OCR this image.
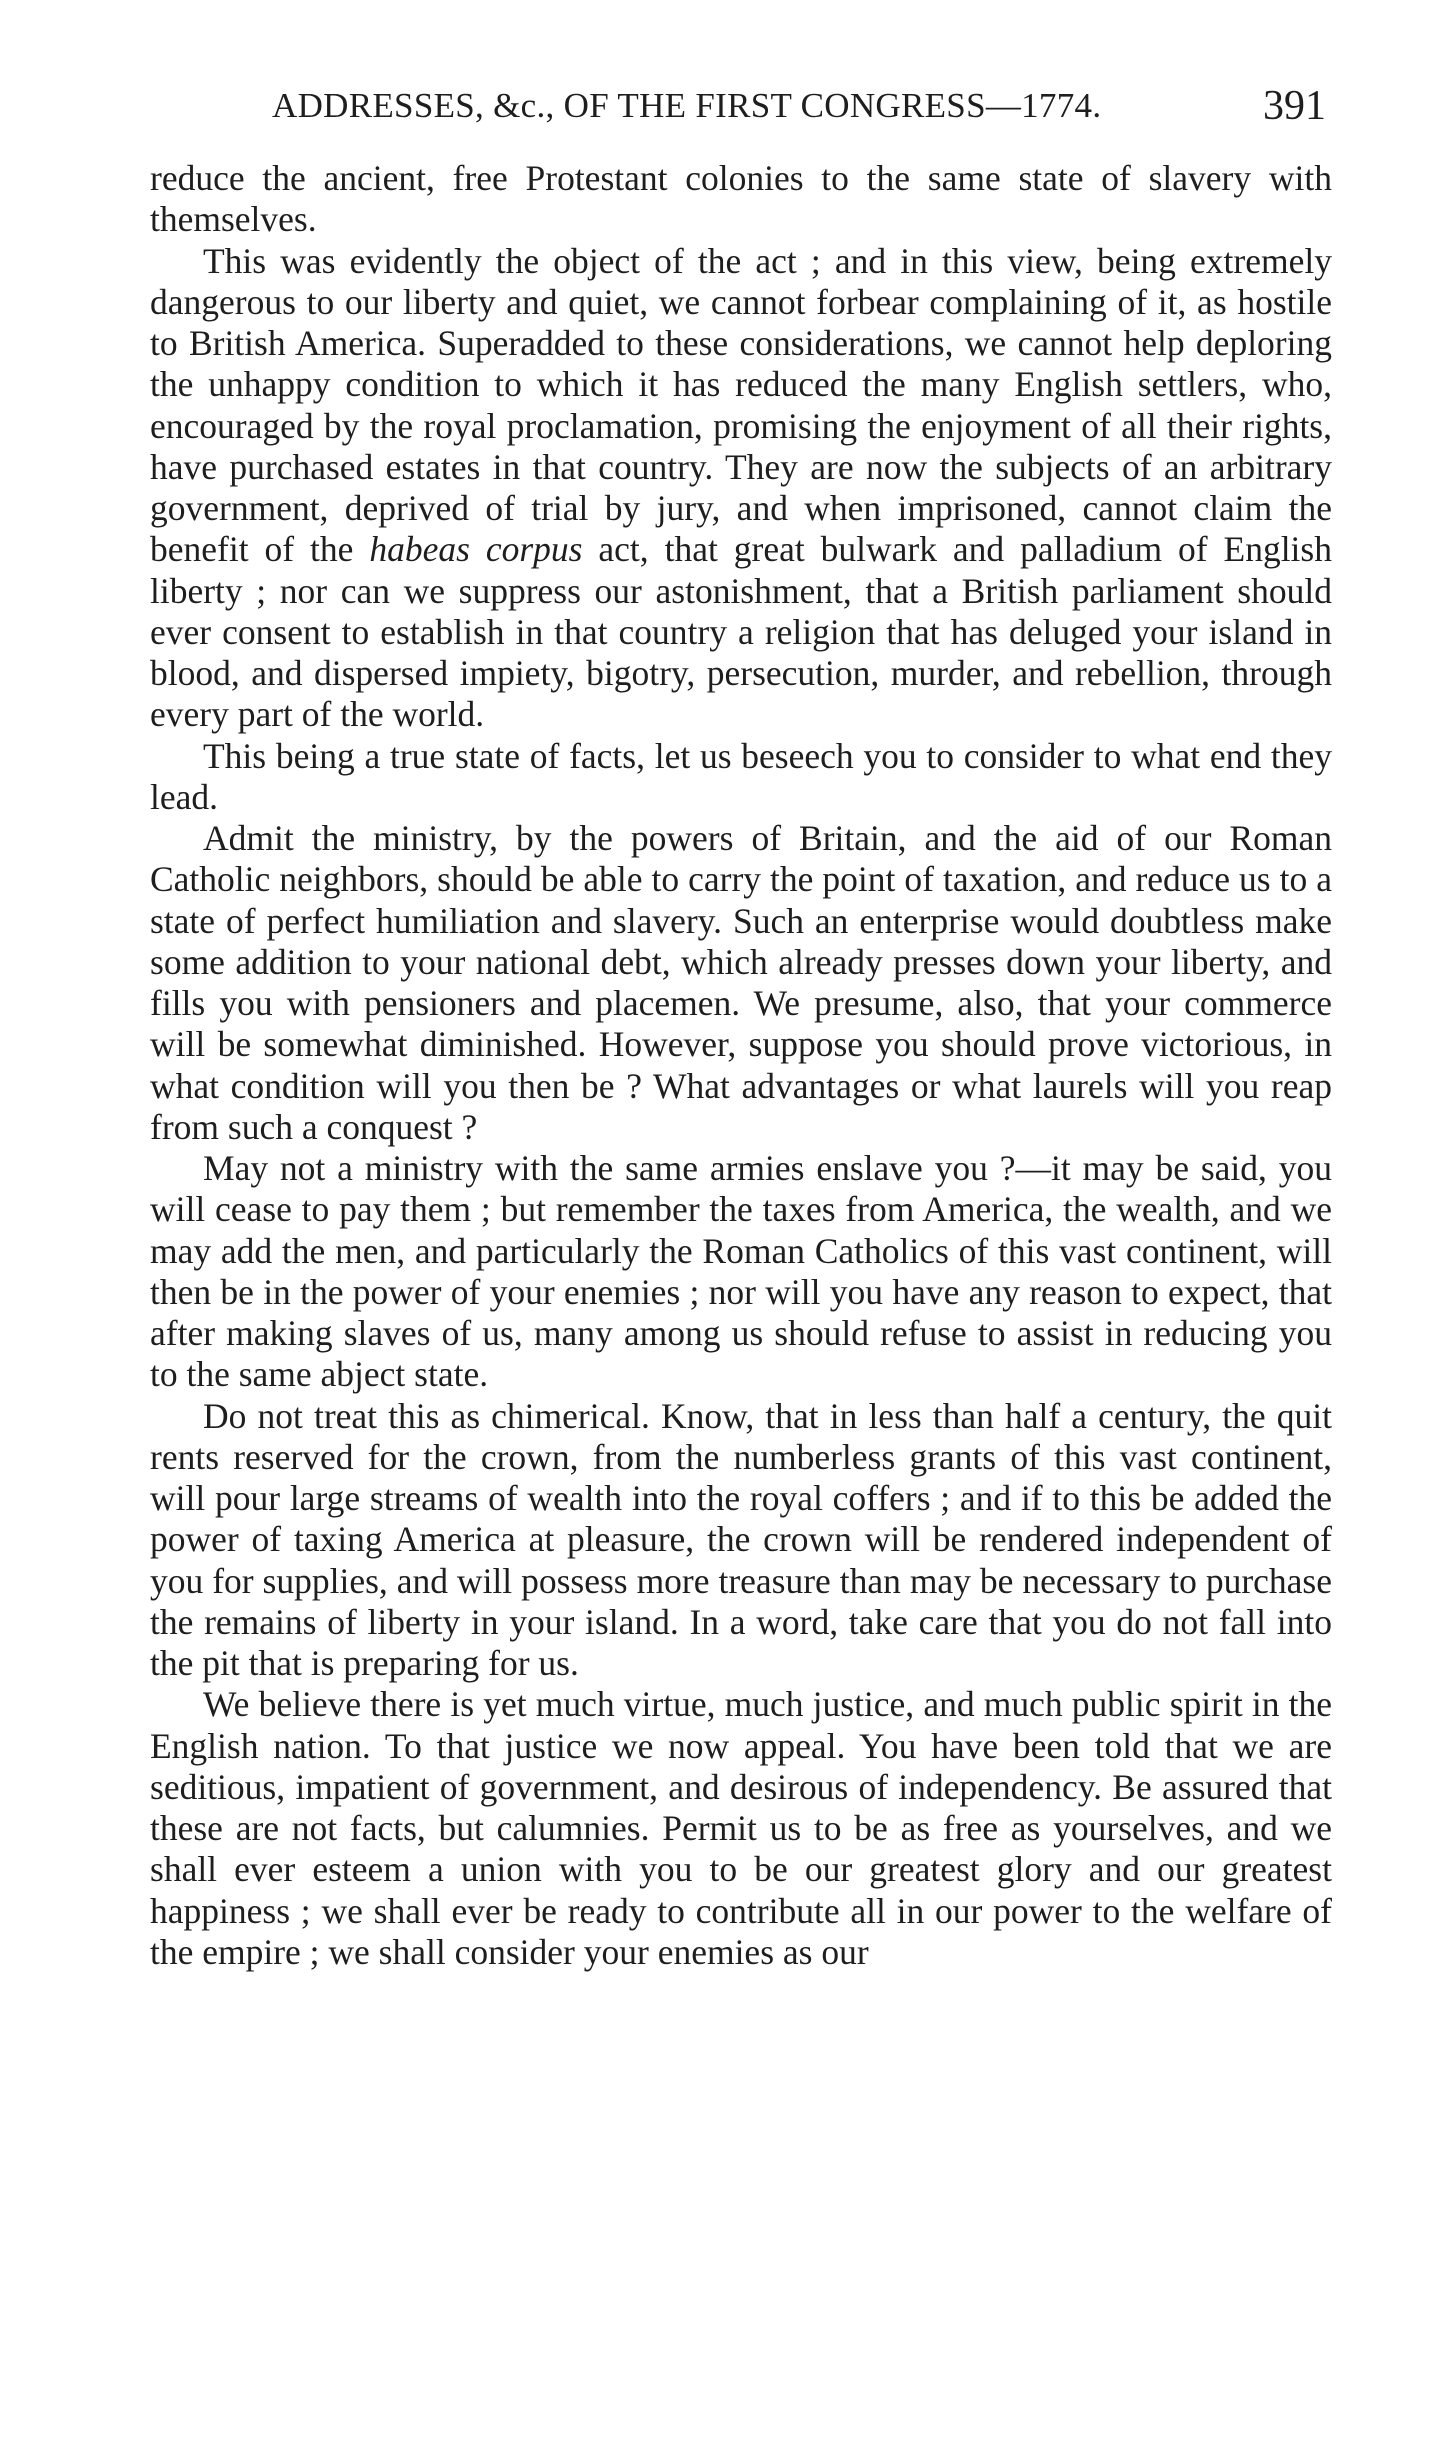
ADDRESSES, &c., OF THE FIRST CONGRESS—1774.	391

reduce the ancient, free Protestant colonies to the same state of slavery with themselves.

This was evidently the object of the act ; and in this view, being extremely dangerous to our liberty and quiet, we cannot forbear complaining of it, as hostile to British America. Superadded to these considerations, we cannot help deploring the unhappy condition to which it has reduced the many English settlers, who, encouraged by the royal proclamation, promising the enjoyment of all their rights, have purchased estates in that country. They are now the subjects of an arbitrary government, deprived of trial by jury, and when imprisoned, cannot claim the benefit of the habeas corpus act, that great bulwark and palladium of English liberty ; nor can we suppress our astonishment, that a British parliament should ever consent to establish in that country a religion that has deluged your island in blood, and dispersed impiety, bigotry, persecution, murder, and rebellion, through every part of the world.

This being a true state of facts, let us beseech you to consider to what end they lead.

Admit the ministry, by the powers of Britain, and the aid of our Roman Catholic neighbors, should be able to carry the point of taxation, and reduce us to a state of perfect humiliation and slavery. Such an enterprise would doubtless make some addition to your national debt, which already presses down your liberty, and fills you with pensioners and placemen. We presume, also, that your commerce will be somewhat diminished. However, suppose you should prove victorious, in what condition will you then be ? What advantages or what laurels will you reap from such a conquest ?

May not a ministry with the same armies enslave you ?—it may be said, you will cease to pay them ; but remember the taxes from America, the wealth, and we may add the men, and particularly the Roman Catholics of this vast continent, will then be in the power of your enemies ; nor will you have any reason to expect, that after making slaves of us, many among us should refuse to assist in reducing you to the same abject state.

Do not treat this as chimerical. Know, that in less than half a century, the quit rents reserved for the crown, from the numberless grants of this vast continent, will pour large streams of wealth into the royal coffers ; and if to this be added the power of taxing America at pleasure, the crown will be rendered independent of you for supplies, and will possess more treasure than may be necessary to purchase the remains of liberty in your island. In a word, take care that you do not fall into the pit that is preparing for us.

We believe there is yet much virtue, much justice, and much public spirit in the English nation. To that justice we now appeal. You have been told that we are seditious, impatient of government, and desirous of independency. Be assured that these are not facts, but calumnies. Permit us to be as free as yourselves, and we shall ever esteem a union with you to be our greatest glory and our greatest happiness ; we shall ever be ready to contribute all in our power to the welfare of the empire ; we shall consider your enemies as our
